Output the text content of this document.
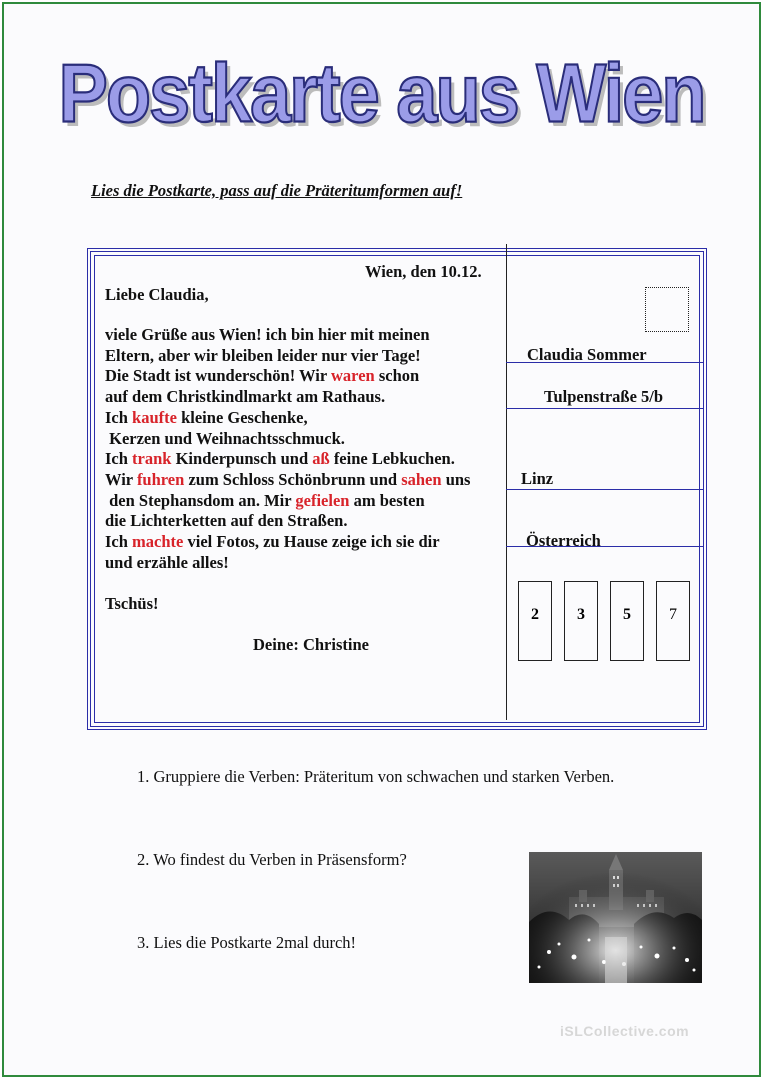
Postkarte aus Wien
Lies die Postkarte, pass auf die Präteritumformen auf!
Wien, den 10.12.
Liebe Claudia,
viele Grüße aus Wien! ich bin hier mit meinen
Eltern, aber wir bleiben leider nur vier Tage!
Die Stadt ist wunderschön! Wir waren schon
auf dem Christkindlmarkt am Rathaus.
Ich kaufte kleine Geschenke,
Kerzen und Weihnachtsschmuck.
Ich trank Kinderpunsch und aß feine Lebkuchen.
Wir fuhren zum Schloss Schönbrunn und sahen uns
den Stephansdom an. Mir gefielen am besten
die Lichterketten auf den Straßen.
Ich machte viel Fotos, zu Hause zeige ich sie dir
und erzähle alles!
Tschüs!
Deine: Christine
Claudia Sommer
Tulpenstraße 5/b
Linz
Österreich
2	3	5	7
1. Gruppiere die Verben: Präteritum von schwachen und starken Verben.
2. Wo findest du Verben in Präsensform?
3. Lies die Postkarte 2mal durch!
iSLCollective.com
